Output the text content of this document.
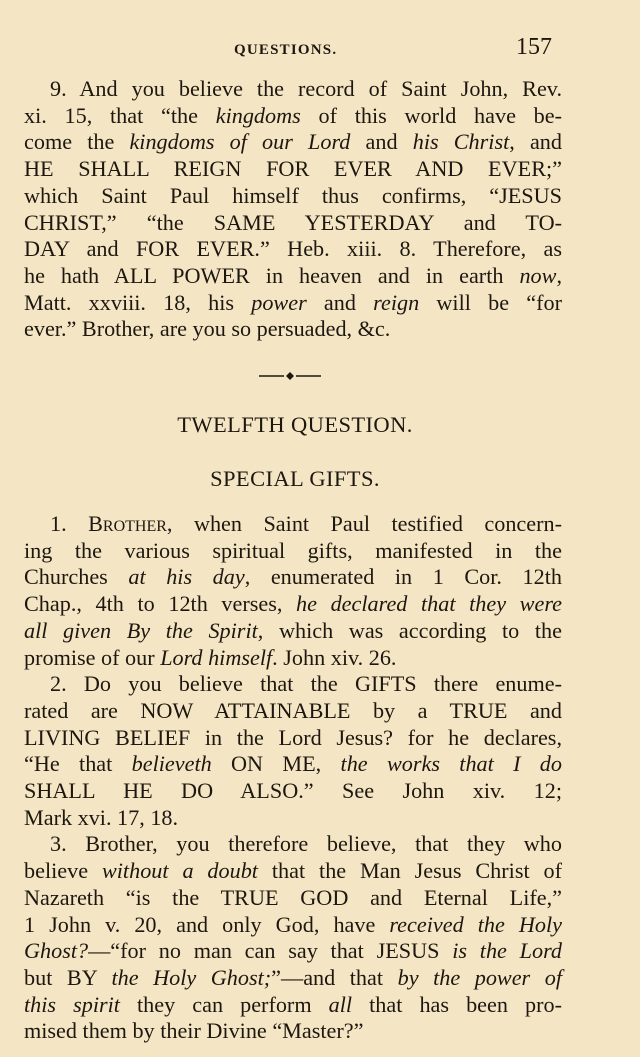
QUESTIONS.	157
9. And you believe the record of Saint John, Rev.
xi. 15, that “the kingdoms of this world have be-
come the kingdoms of our Lord and his Christ, and
HE SHALL REIGN FOR EVER AND EVER;”
which Saint Paul himself thus confirms, “JESUS
CHRIST,” “the SAME YESTERDAY and TO-
DAY and FOR EVER.” Heb. xiii. 8. Therefore, as
he hath ALL POWER in heaven and in earth now,
Matt. xxviii. 18, his power and reign will be “for
ever.” Brother, are you so persuaded, &c.
TWELFTH QUESTION.
SPECIAL GIFTS.
1. Brother, when Saint Paul testified concern-
ing the various spiritual gifts, manifested in the
Churches at his day, enumerated in 1 Cor. 12th
Chap., 4th to 12th verses, he declared that they were
all given By the Spirit, which was according to the
promise of our Lord himself. John xiv. 26.
2. Do you believe that the GIFTS there enume-
rated are NOW ATTAINABLE by a TRUE and
LIVING BELIEF in the Lord Jesus? for he declares,
“He that believeth ON ME, the works that I do
SHALL HE DO ALSO.” See John xiv. 12;
Mark xvi. 17, 18.
3. Brother, you therefore believe, that they who
believe without a doubt that the Man Jesus Christ of
Nazareth “is the TRUE GOD and Eternal Life,”
1 John v. 20, and only God, have received the Holy
Ghost?—“for no man can say that JESUS is the Lord
but BY the Holy Ghost;”—and that by the power of
this spirit they can perform all that has been pro-
mised them by their Divine “Master?”
